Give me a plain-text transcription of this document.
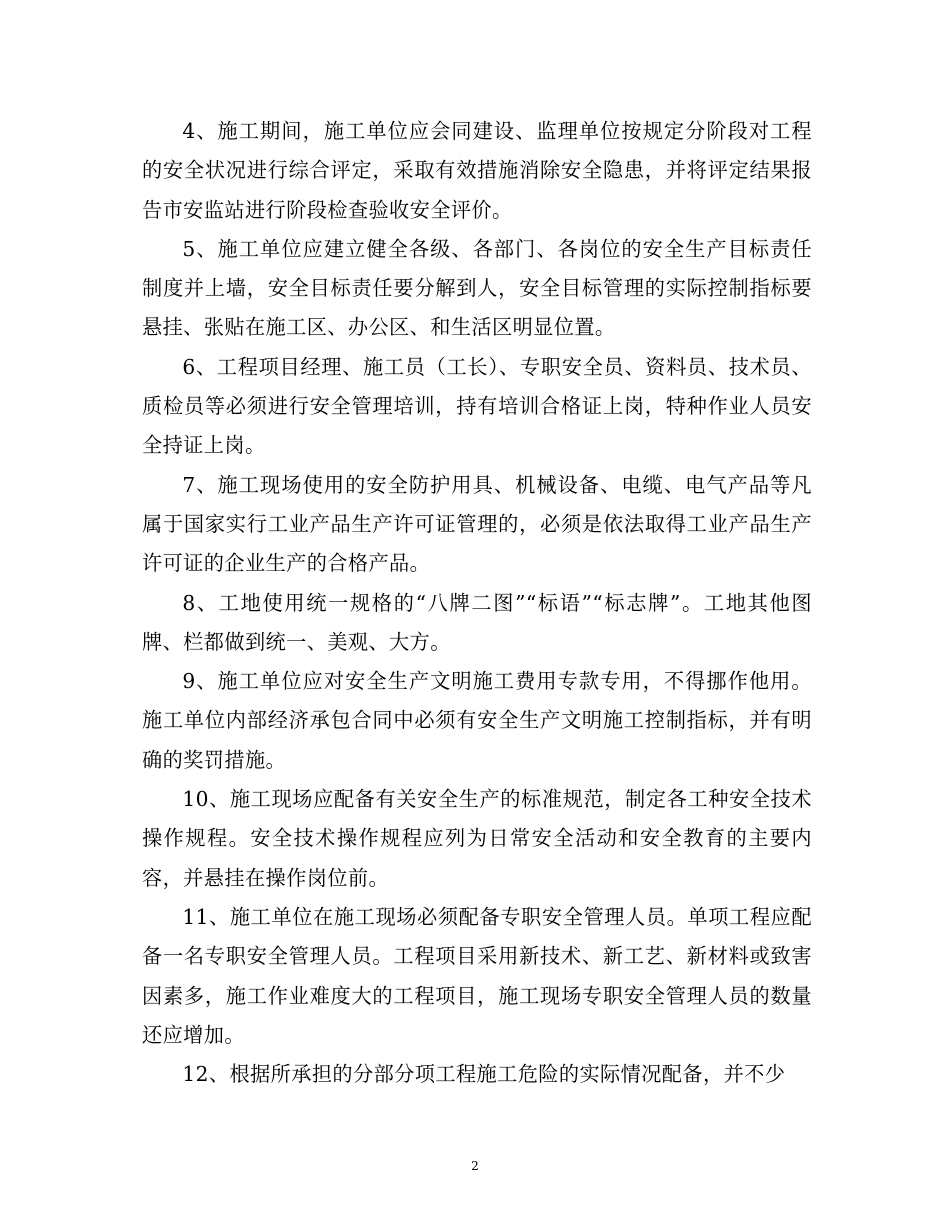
4、施工期间，施工单位应会同建设、监理单位按规定分阶段对工程的安全状况进行综合评定，采取有效措施消除安全隐患，并将评定结果报告市安监站进行阶段检查验收安全评价。

5、施工单位应建立健全各级、各部门、各岗位的安全生产目标责任制度并上墙，安全目标责任要分解到人，安全目标管理的实际控制指标要悬挂、张贴在施工区、办公区、和生活区明显位置。

6、工程项目经理、施工员（工长）、专职安全员、资料员、技术员、质检员等必须进行安全管理培训，持有培训合格证上岗，特种作业人员安全持证上岗。

7、施工现场使用的安全防护用具、机械设备、电缆、电气产品等凡属于国家实行工业产品生产许可证管理的，必须是依法取得工业产品生产许可证的企业生产的合格产品。

8、工地使用统一规格的“八牌二图”“标语”“标志牌”。工地其他图牌、栏都做到统一、美观、大方。

9、施工单位应对安全生产文明施工费用专款专用，不得挪作他用。施工单位内部经济承包合同中必须有安全生产文明施工控制指标，并有明确的奖罚措施。

10、施工现场应配备有关安全生产的标准规范，制定各工种安全技术操作规程。安全技术操作规程应列为日常安全活动和安全教育的主要内容，并悬挂在操作岗位前。

11、施工单位在施工现场必须配备专职安全管理人员。单项工程应配备一名专职安全管理人员。工程项目采用新技术、新工艺、新材料或致害因素多，施工作业难度大的工程项目，施工现场专职安全管理人员的数量还应增加。

12、根据所承担的分部分项工程施工危险的实际情况配备，并不少

2
